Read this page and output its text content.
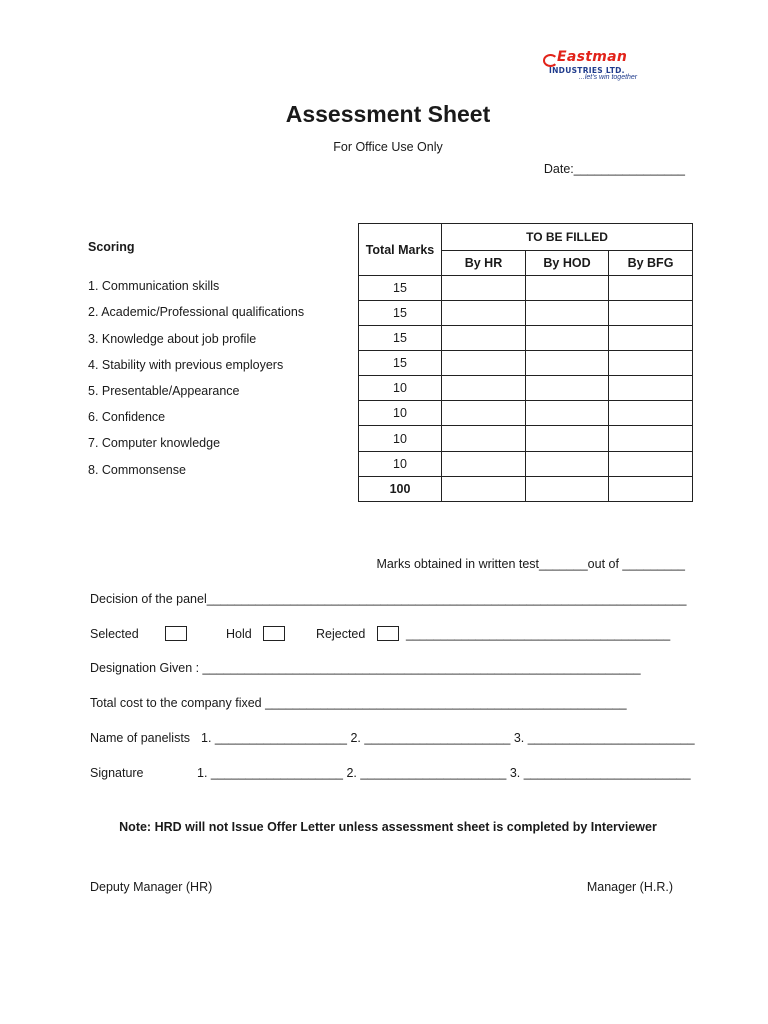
Eastman
INDUSTRIES LTD.
...let's win together
Assessment Sheet
For Office Use Only
Date:________________
Scoring
1. Communication skills
2. Academic/Professional qualifications
3. Knowledge about job profile
4. Stability with previous employers
5. Presentable/Appearance
6. Confidence
7. Computer knowledge
8. Commonsense
Total Marks	TO BE FILLED		
	By HR	By HOD	By BFG
15			
15			
15			
15			
10			
10			
10			
10			
100			
Marks obtained in written test_______out of _________
Decision of the panel_____________________________________________________________________
Selected	Hold	Rejected	______________________________________
Designation Given : _______________________________________________________________
Total cost to the company fixed ____________________________________________________
Name of panelists 1. ___________________ 2. _____________________ 3. ________________________
Signature	1. ___________________ 2. _____________________ 3. ________________________
Note: HRD will not Issue Offer Letter unless assessment sheet is completed by Interviewer
Deputy Manager (HR)	Manager (H.R.)
